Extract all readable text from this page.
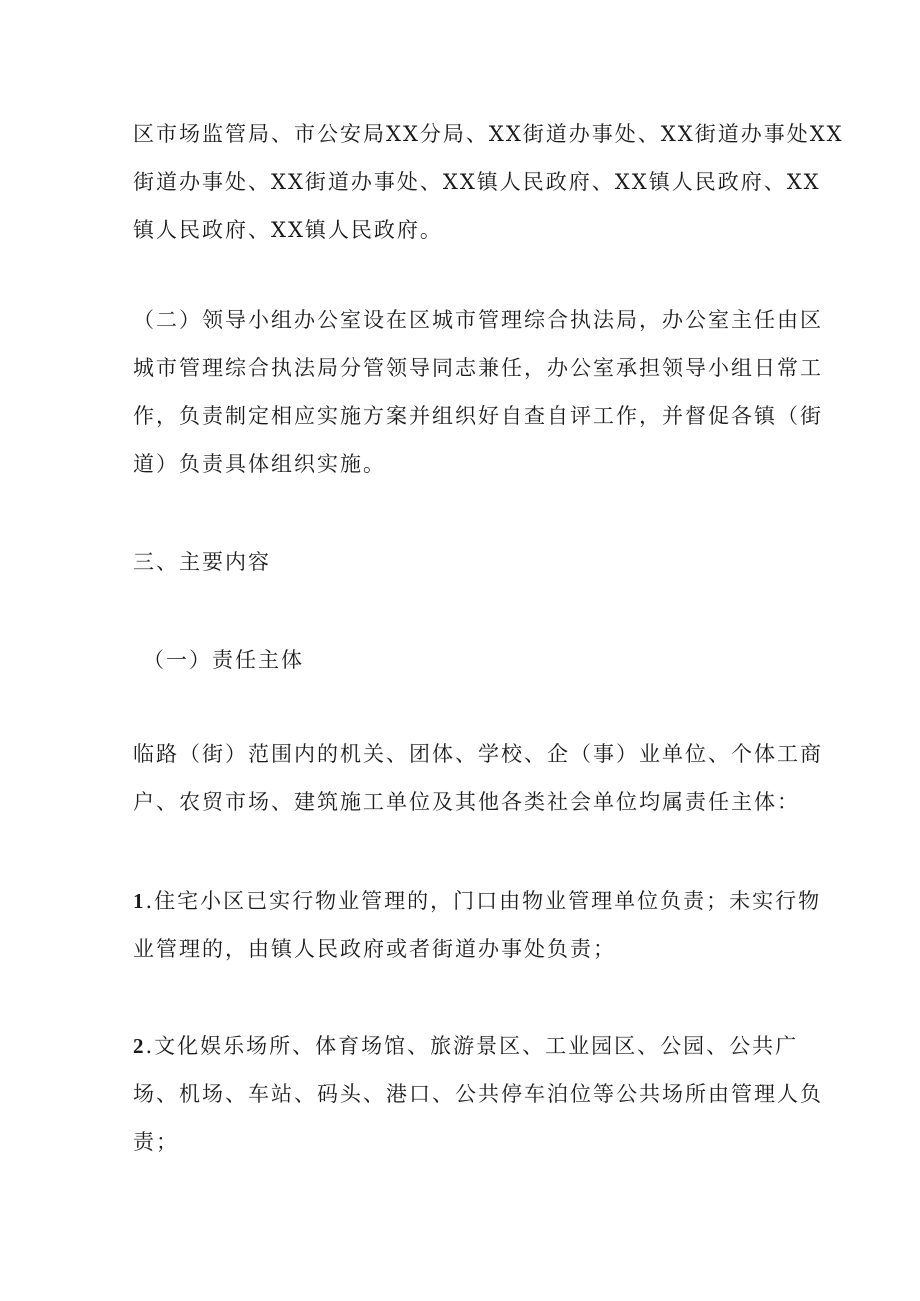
区市场监管局、市公安局XX分局、XX街道办事处、XX街道办事处XX
街道办事处、XX街道办事处、XX镇人民政府、XX镇人民政府、XX
镇人民政府、XX镇人民政府。
（二）领导小组办公室设在区城市管理综合执法局，办公室主任由区
城市管理综合执法局分管领导同志兼任，办公室承担领导小组日常工
作，负责制定相应实施方案并组织好自查自评工作，并督促各镇（街
道）负责具体组织实施。
三、主要内容
（一）责任主体
临路（街）范围内的机关、团体、学校、企（事）业单位、个体工商
户、农贸市场、建筑施工单位及其他各类社会单位均属责任主体：
1.住宅小区已实行物业管理的，门口由物业管理单位负责；未实行物
业管理的，由镇人民政府或者街道办事处负责；
2.文化娱乐场所、体育场馆、旅游景区、工业园区、公园、公共广
场、机场、车站、码头、港口、公共停车泊位等公共场所由管理人负
责；
